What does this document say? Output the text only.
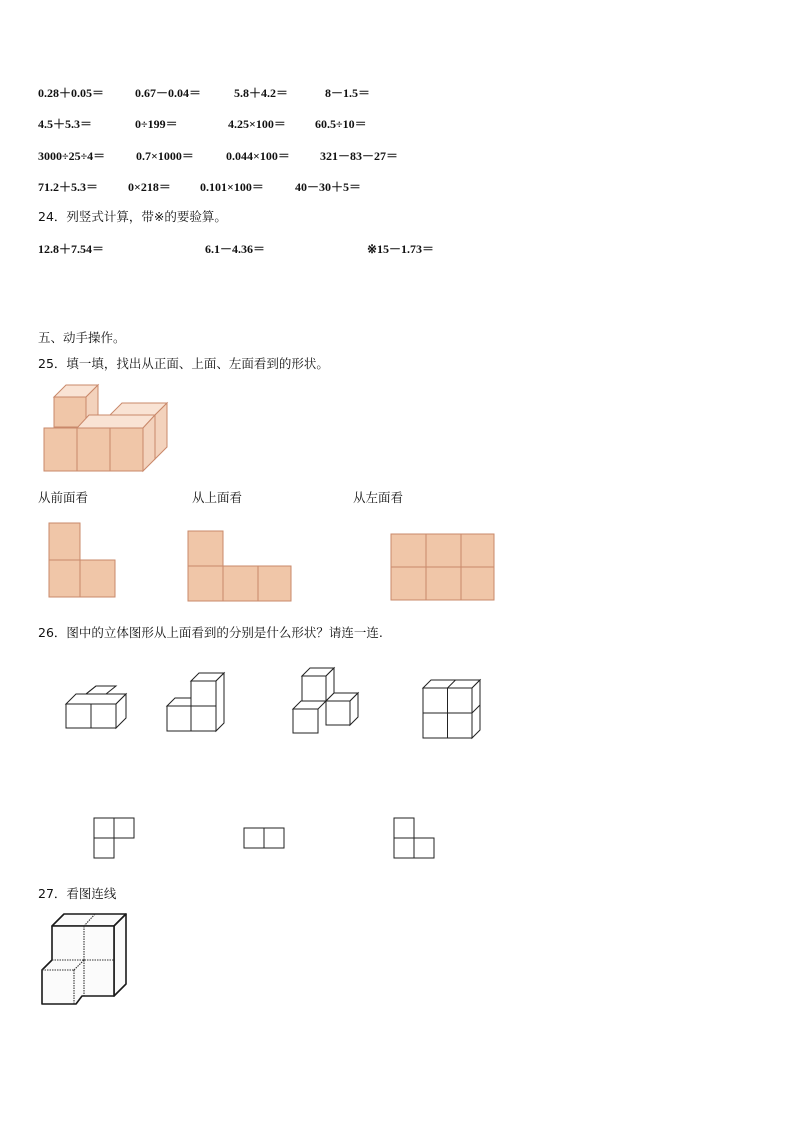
0.28＋0.05＝	0.67－0.04＝	5.8＋4.2＝	8－1.5＝
4.5＋5.3＝	0÷199＝	4.25×100＝ 60.5÷10＝
3000÷25÷4＝	0.7×1000＝	0.044×100＝	321－83－27＝
71.2＋5.3＝ 0×218＝ 0.101×100＝	40－30＋5＝
24．列竖式计算，带※的要验算。
12.8＋7.54＝	6.1－4.36＝	※15－1.73＝
五、动手操作。
25．填一填，找出从正面、上面、左面看到的形状。
从前面看	从上面看	从左面看
26．图中的立体图形从上面看到的分别是什么形状？请连一连.
27．看图连线
